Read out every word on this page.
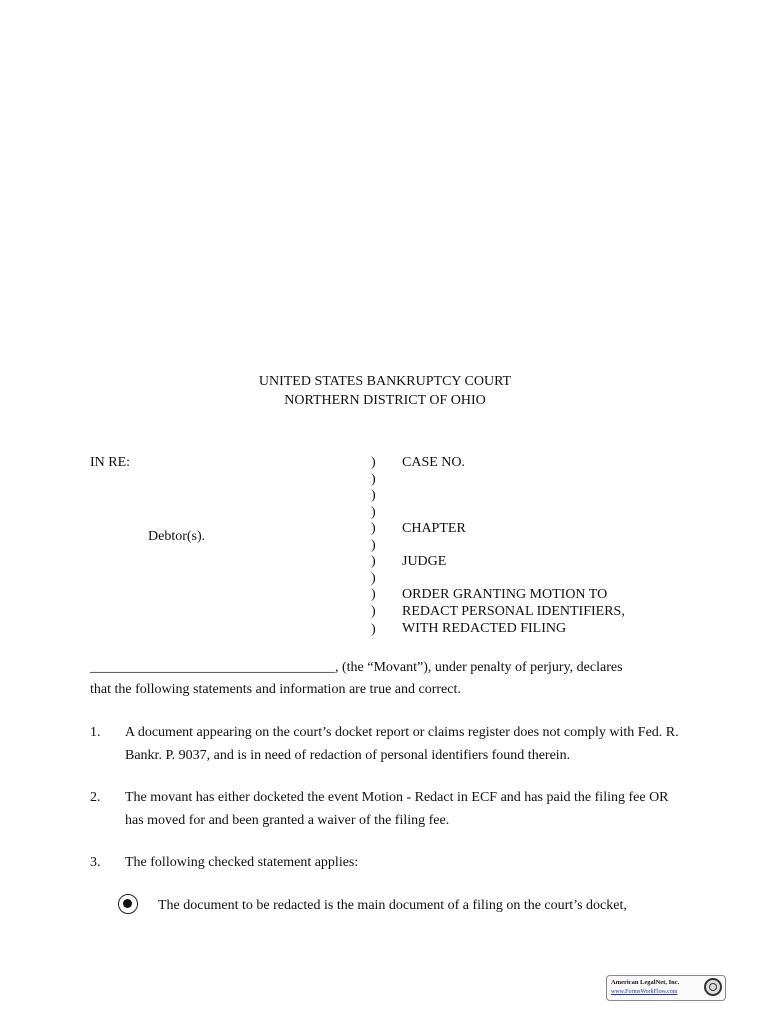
UNITED STATES BANKRUPTCY COURT
NORTHERN DISTRICT OF OHIO
IN RE:
Debtor(s).
)
)
)
)
)
)
)
)
)
)
)
CASE NO.
CHAPTER
JUDGE
ORDER GRANTING MOTION TO
REDACT PERSONAL IDENTIFIERS,
WITH REDACTED FILING
___________________________________, (the “Movant”), under penalty of perjury, declares
that the following statements and information are true and correct.
1. A document appearing on the court’s docket report or claims register does not comply with Fed. R. Bankr. P. 9037, and is in need of redaction of personal identifiers found therein.
2. The movant has either docketed the event Motion - Redact in ECF and has paid the filing fee OR has moved for and been granted a waiver of the filing fee.
3. The following checked statement applies:
The document to be redacted is the main document of a filing on the court’s docket,
American LegalNet, Inc.
www.FormsWorkFlow.com
